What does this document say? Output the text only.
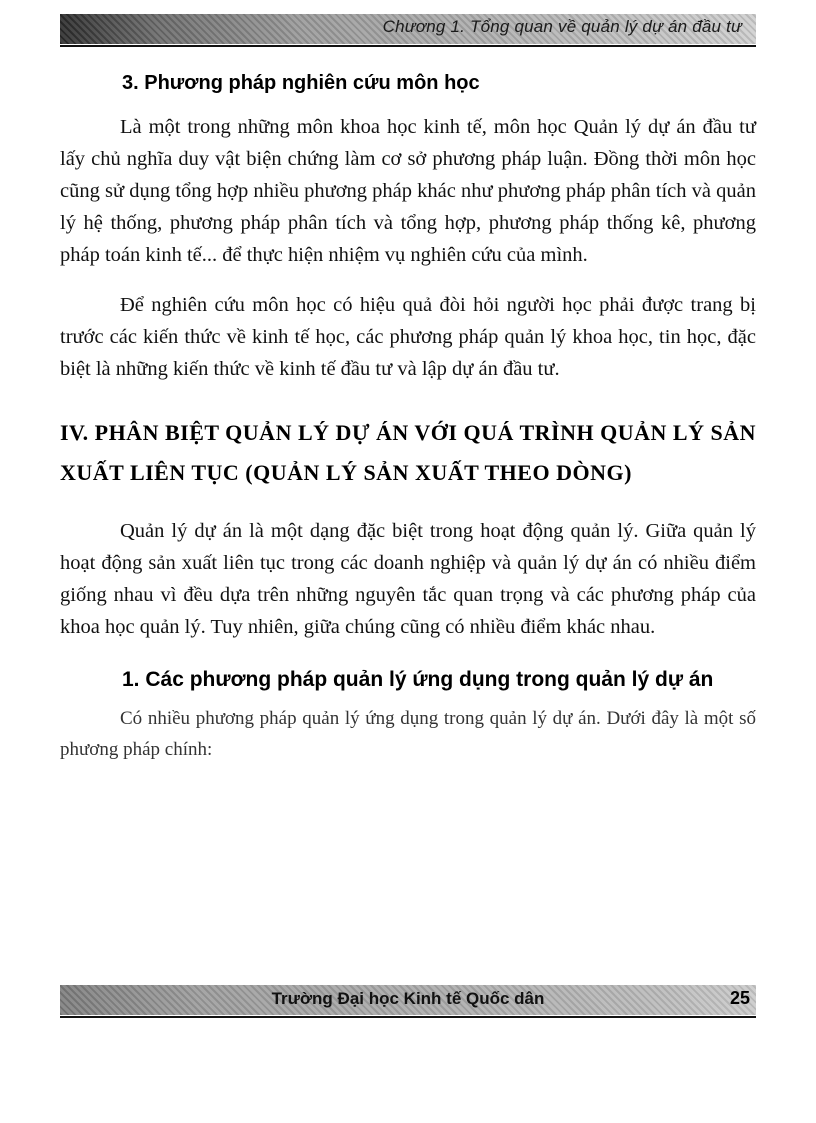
Chương 1. Tổng quan về quản lý dự án đầu tư

3. Phương pháp nghiên cứu môn học

Là một trong những môn khoa học kinh tế, môn học Quản lý dự án đầu tư lấy chủ nghĩa duy vật biện chứng làm cơ sở phương pháp luận. Đồng thời môn học cũng sử dụng tổng hợp nhiều phương pháp khác như phương pháp phân tích và quản lý hệ thống, phương pháp phân tích và tổng hợp, phương pháp thống kê, phương pháp toán kinh tế... để thực hiện nhiệm vụ nghiên cứu của mình.

Để nghiên cứu môn học có hiệu quả đòi hỏi người học phải được trang bị trước các kiến thức về kinh tế học, các phương pháp quản lý khoa học, tin học, đặc biệt là những kiến thức về kinh tế đầu tư và lập dự án đầu tư.

IV. PHÂN BIỆT QUẢN LÝ DỰ ÁN VỚI QUÁ TRÌNH QUẢN LÝ SẢN XUẤT LIÊN TỤC (QUẢN LÝ SẢN XUẤT THEO DÒNG)

Quản lý dự án là một dạng đặc biệt trong hoạt động quản lý. Giữa quản lý hoạt động sản xuất liên tục trong các doanh nghiệp và quản lý dự án có nhiều điểm giống nhau vì đều dựa trên những nguyên tắc quan trọng và các phương pháp của khoa học quản lý. Tuy nhiên, giữa chúng cũng có nhiều điểm khác nhau.

1. Các phương pháp quản lý ứng dụng trong quản lý dự án

Có nhiều phương pháp quản lý ứng dụng trong quản lý dự án. Dưới đây là một số phương pháp chính:

Trường Đại học Kinh tế Quốc dân	25
